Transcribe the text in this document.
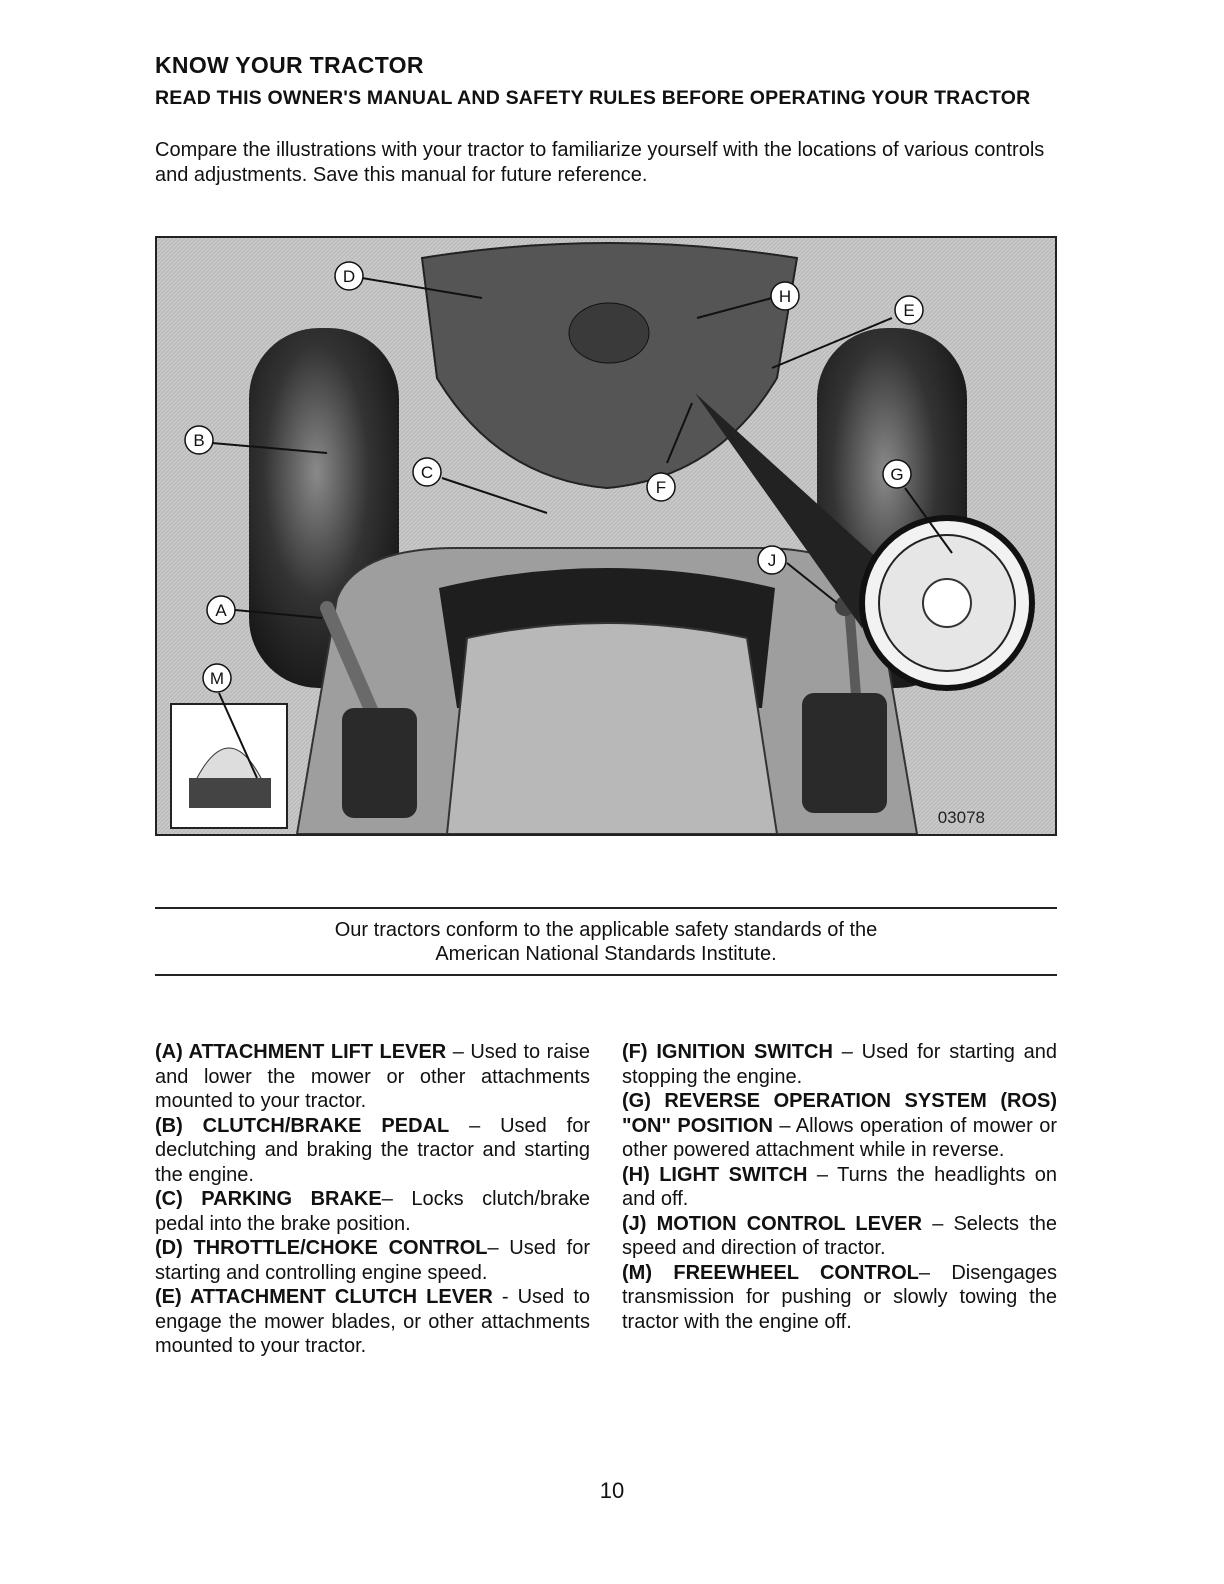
KNOW YOUR TRACTOR
READ THIS OWNER'S MANUAL AND SAFETY RULES BEFORE OPERATING YOUR TRACTOR

Compare the illustrations with your tractor to familiarize yourself with the locations of various controls and adjustments. Save this manual for future reference.

D
H
E
B
C	G
F
J
A
M
03078

Our tractors conform to the applicable safety standards of the
American National Standards Institute.

(A) ATTACHMENT LIFT LEVER – Used to raise and lower the mower or other attachments mounted to your tractor.

(B) CLUTCH/BRAKE PEDAL – Used for declutching and braking the tractor and starting the engine.

(C) PARKING BRAKE– Locks clutch/brake pedal into the brake position.

(D) THROTTLE/CHOKE CONTROL– Used for starting and controlling engine speed.

(E) ATTACHMENT CLUTCH LEVER - Used to engage the mower blades, or other attachments mounted to your tractor.

(F) IGNITION SWITCH – Used for starting and stopping the engine.

(G) REVERSE OPERATION SYSTEM (ROS) "ON" POSITION – Allows operation of mower or other powered attachment while in reverse.

(H) LIGHT SWITCH – Turns the headlights on and off.

(J) MOTION CONTROL LEVER – Selects the speed and direction of tractor.

(M) FREEWHEEL CONTROL– Disengages transmission for pushing or slowly towing the tractor with the engine off.

10
